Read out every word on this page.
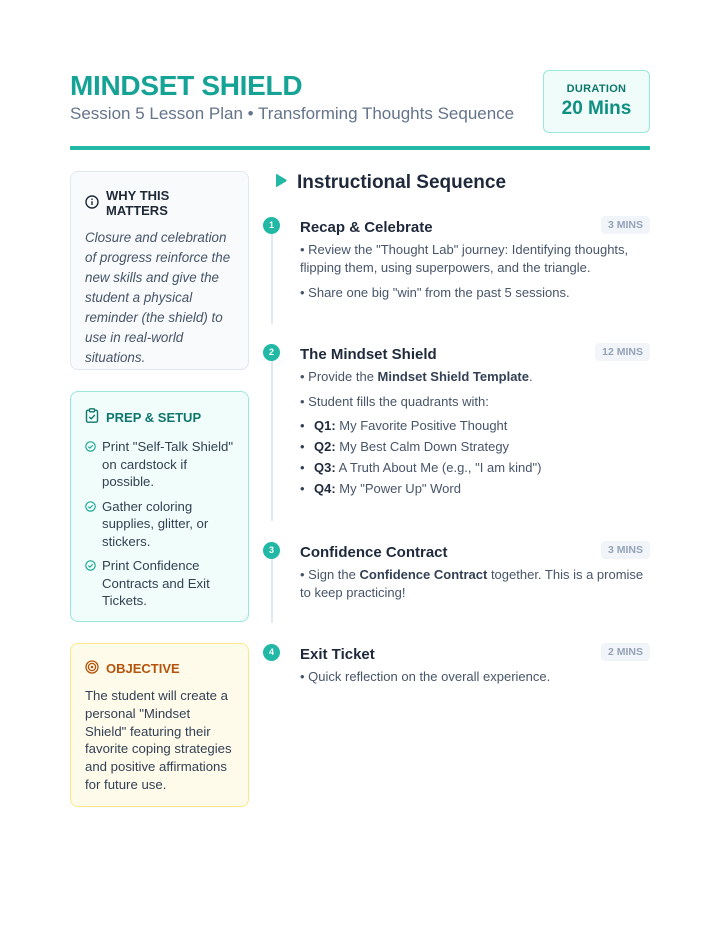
MINDSET SHIELD
Session 5 Lesson Plan • Transforming Thoughts Sequence
DURATION
20 Mins
WHY THIS MATTERS

Closure and celebration of progress reinforce the new skills and give the student a physical reminder (the shield) to use in real-world situations.

PREP & SETUP
Print "Self-Talk Shield" on cardstock if possible.
Gather coloring supplies, glitter, or stickers.
Print Confidence Contracts and Exit Tickets.
OBJECTIVE

The student will create a personal "Mindset Shield" featuring their favorite coping strategies and positive affirmations for future use.

Instructional Sequence
1	Recap & Celebrate	3 MINS

• Review the "Thought Lab" journey: Identifying thoughts, flipping them, using superpowers, and the triangle.

• Share one big "win" from the past 5 sessions.

2	The Mindset Shield	12 MINS

• Provide the Mindset Shield Template.

• Student fills the quadrants with:

• Q1: My Favorite Positive Thought
• Q2: My Best Calm Down Strategy
• Q3: A Truth About Me (e.g., "I am kind")
• Q4: My "Power Up" Word
3	Confidence Contract	3 MINS

• Sign the Confidence Contract together. This is a promise to keep practicing!

4	Exit Ticket	2 MINS

• Quick reflection on the overall experience.
